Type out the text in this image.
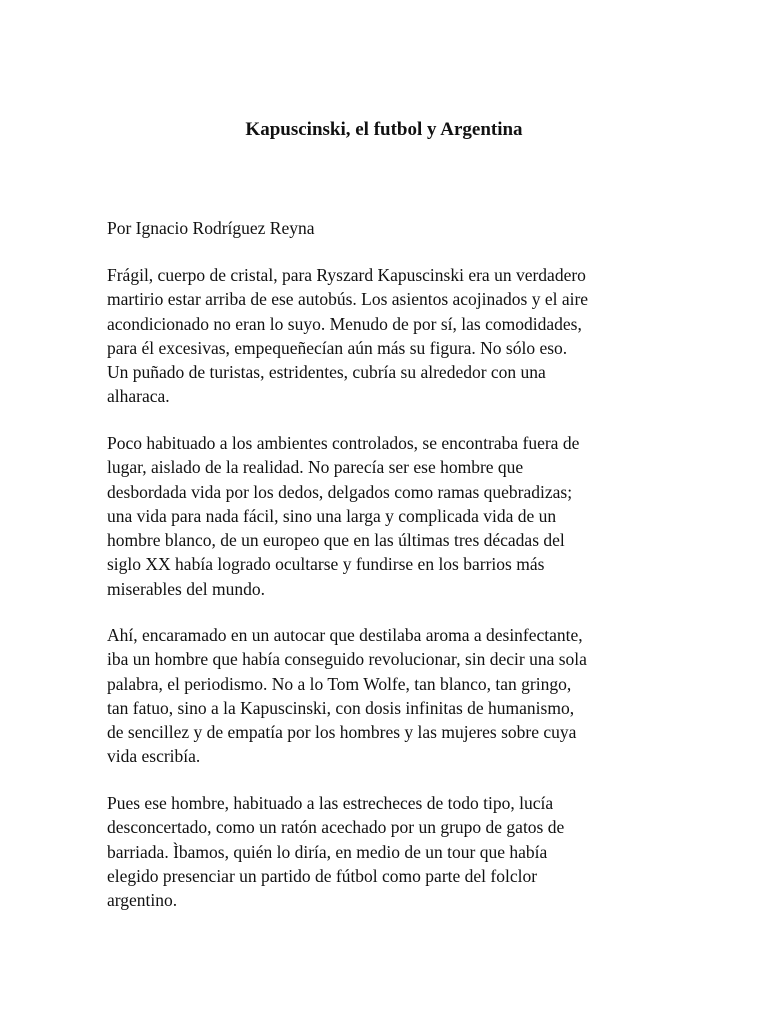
Kapuscinski, el futbol y Argentina

Por Ignacio Rodríguez Reyna

Frágil, cuerpo de cristal, para Ryszard Kapuscinski era un verdadero
martirio estar arriba de ese autobús. Los asientos acojinados y el aire
acondicionado no eran lo suyo. Menudo de por sí, las comodidades,
para él excesivas, empequeñecían aún más su figura. No sólo eso.
Un puñado de turistas, estridentes, cubría su alrededor con una
alharaca.

Poco habituado a los ambientes controlados, se encontraba fuera de
lugar, aislado de la realidad. No parecía ser ese hombre que
desbordada vida por los dedos, delgados como ramas quebradizas;
una vida para nada fácil, sino una larga y complicada vida de un
hombre blanco, de un europeo que en las últimas tres décadas del
siglo XX había logrado ocultarse y fundirse en los barrios más
miserables del mundo.

Ahí, encaramado en un autocar que destilaba aroma a desinfectante,
iba un hombre que había conseguido revolucionar, sin decir una sola
palabra, el periodismo. No a lo Tom Wolfe, tan blanco, tan gringo,
tan fatuo, sino a la Kapuscinski, con dosis infinitas de humanismo,
de sencillez y de empatía por los hombres y las mujeres sobre cuya
vida escribía.

Pues ese hombre, habituado a las estrecheces de todo tipo, lucía
desconcertado, como un ratón acechado por un grupo de gatos de
barriada. Ìbamos, quién lo diría, en medio de un tour que había
elegido presenciar un partido de fútbol como parte del folclor
argentino.
